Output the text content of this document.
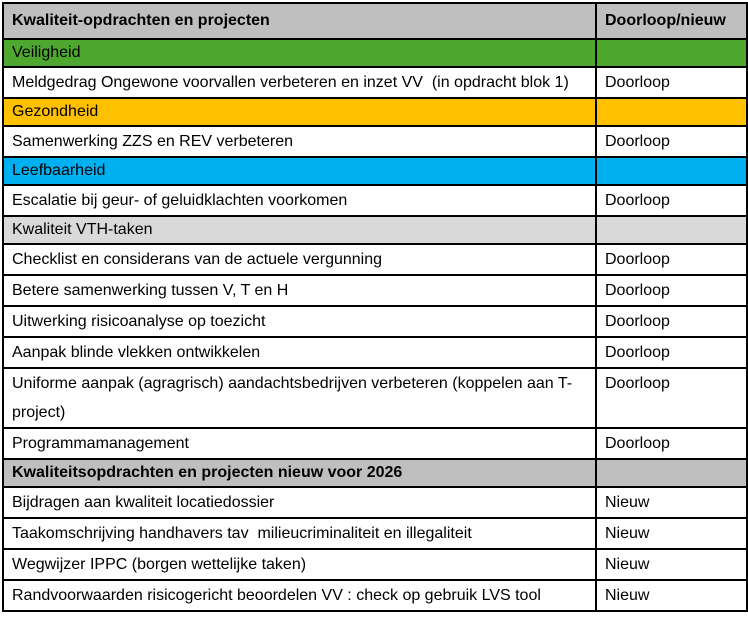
Kwaliteit-opdrachten en projecten	Doorloop/nieuw
Veiligheid	
Meldgedrag Ongewone voorvallen verbeteren en inzet VV  (in opdracht blok 1)	Doorloop
Gezondheid	
Samenwerking ZZS en REV verbeteren	Doorloop
Leefbaarheid	
Escalatie bij geur- of geluidklachten voorkomen	Doorloop
Kwaliteit VTH-taken	
Checklist en considerans van de actuele vergunning	Doorloop
Betere samenwerking tussen V, T en H	Doorloop
Uitwerking risicoanalyse op toezicht	Doorloop
Aanpak blinde vlekken ontwikkelen	Doorloop
Uniforme aanpak (agragrisch) aandachtsbedrijven verbeteren (koppelen aan T-project)	Doorloop
Programmamanagement	Doorloop
Kwaliteitsopdrachten en projecten nieuw voor 2026	
Bijdragen aan kwaliteit locatiedossier	Nieuw
Taakomschrijving handhavers tav  milieucriminaliteit en illegaliteit	Nieuw
Wegwijzer IPPC (borgen wettelijke taken)	Nieuw
Randvoorwaarden risicogericht beoordelen VV : check op gebruik LVS tool	Nieuw
